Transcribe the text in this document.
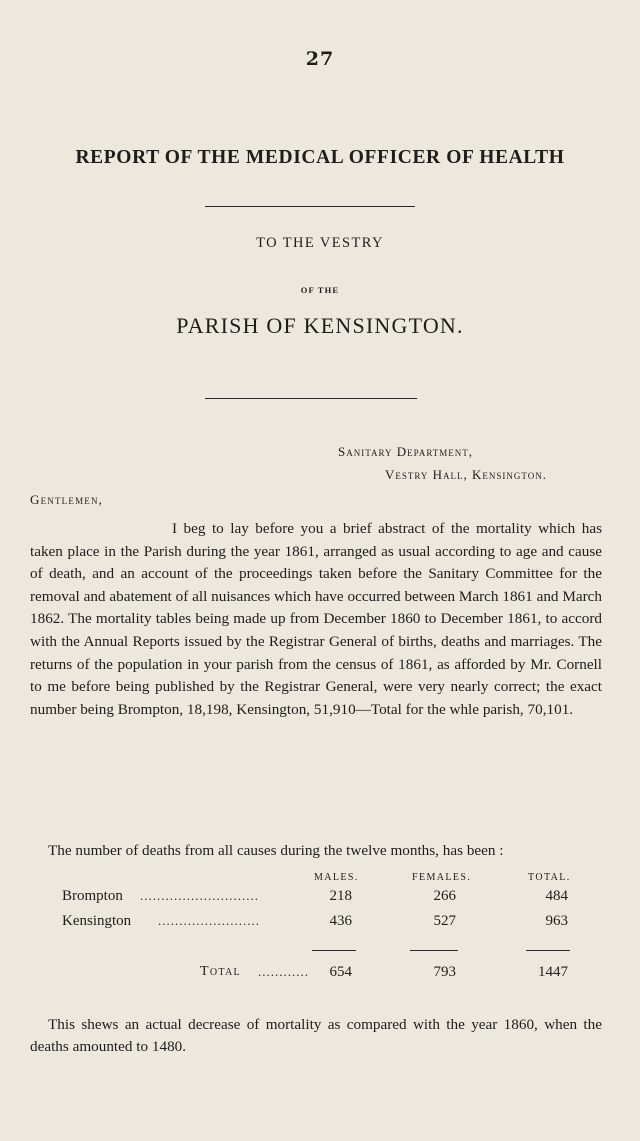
27
REPORT OF THE MEDICAL OFFICER OF HEALTH
TO THE VESTRY
OF THE
PARISH OF KENSINGTON.
Sanitary Department,
Vestry Hall, Kensington.
Gentlemen,
I beg to lay before you a brief abstract of the mortality which has taken place in the Parish during the year 1861, arranged as usual according to age and cause of death, and an account of the proceedings taken before the Sanitary Committee for the removal and abatement of all nuisances which have occurred between March 1861 and March 1862. The mortality tables being made up from December 1860 to December 1861, to accord with the Annual Reports issued by the Registrar General of births, deaths and marriages. The returns of the population in your parish from the census of 1861, as afforded by Mr. Cornell to me before being published by the Registrar General, were very nearly correct; the exact number being Brompton, 18,198, Kensington, 51,910—Total for the whle parish, 70,101.
The number of deaths from all causes during the twelve months, has been :
MALES.	FEMALES.	TOTAL.
Brompton ............................	218	266	484
Kensington ........................	436	527	963
Total ............	654	793	1447
This shews an actual decrease of mortality as compared with the year 1860, when the deaths amounted to 1480.
